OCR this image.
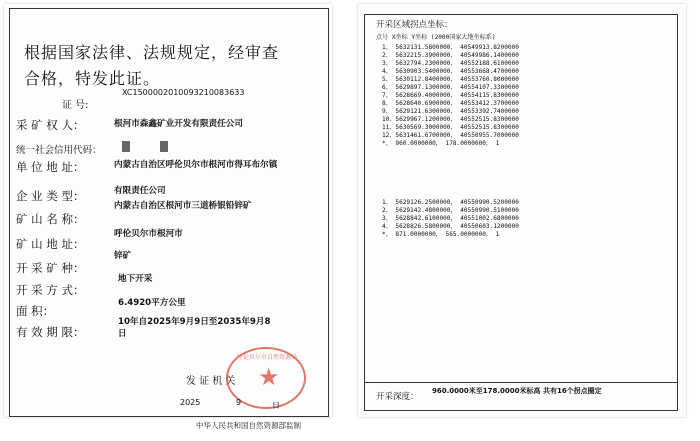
根据国家法律、法规规定，经审查
合格，特发此证。
证 号:
XC1500002010093210083633
采 矿 权 人：	根河市森鑫矿业开发有限责任公司
统一社会信用代码：
单 位 地 址：	内蒙古自治区呼伦贝尔市根河市得耳布尔镇
企 业 类 型：	有限责任公司
矿 山 名 称：
内蒙古自治区根河市三道桥银铅锌矿
矿 山 地 址：
呼伦贝尔市根河市
开 采 矿 种：
锌矿
开 采 方 式：
地下开采
面 积：
6.4920平方公里
有 效 期 限：
10年自2025年9月9日至2035年9月8日
呼伦贝尔市自然资源局
★
发 证 机 关
2025	9	日
中华人民共和国自然资源部监制
开采区域拐点坐标：
点号 X坐标 Y坐标 (2000国家大地坐标系)
1、 5632131.5800000， 40549913.8200000
2、 5632215.3900000， 40549986.1400000
3、 5632794.2300000， 40552188.6100000
4、 5630903.5400000， 40553668.4700000
5、 5630112.8400000， 40553760.8000000
6、 5629897.1300000， 40554107.3300000
7、 5628669.4000000， 40554115.8300000
8、 5628640.6900000， 40553412.3700000
9、 5629121.6300000， 40553392.7400000
10、5629967.1200000， 40552515.8300000
11、5630569.3000000， 40552515.8300000
12、5631461.6700000， 40550955.7000000
*、 960.0000000， 178.0000000， 1
1、 5629126.2500000， 40550990.5200000
2、 5629142.4800000， 40550990.5100000
3、 5628842.6100000， 40551002.6800000
4、 5628826.5800000， 40550603.1200000
*、 871.0000000， 565.0000000， 1
开采深度：
960.0000米至178.0000米标高 共有16个拐点圈定
